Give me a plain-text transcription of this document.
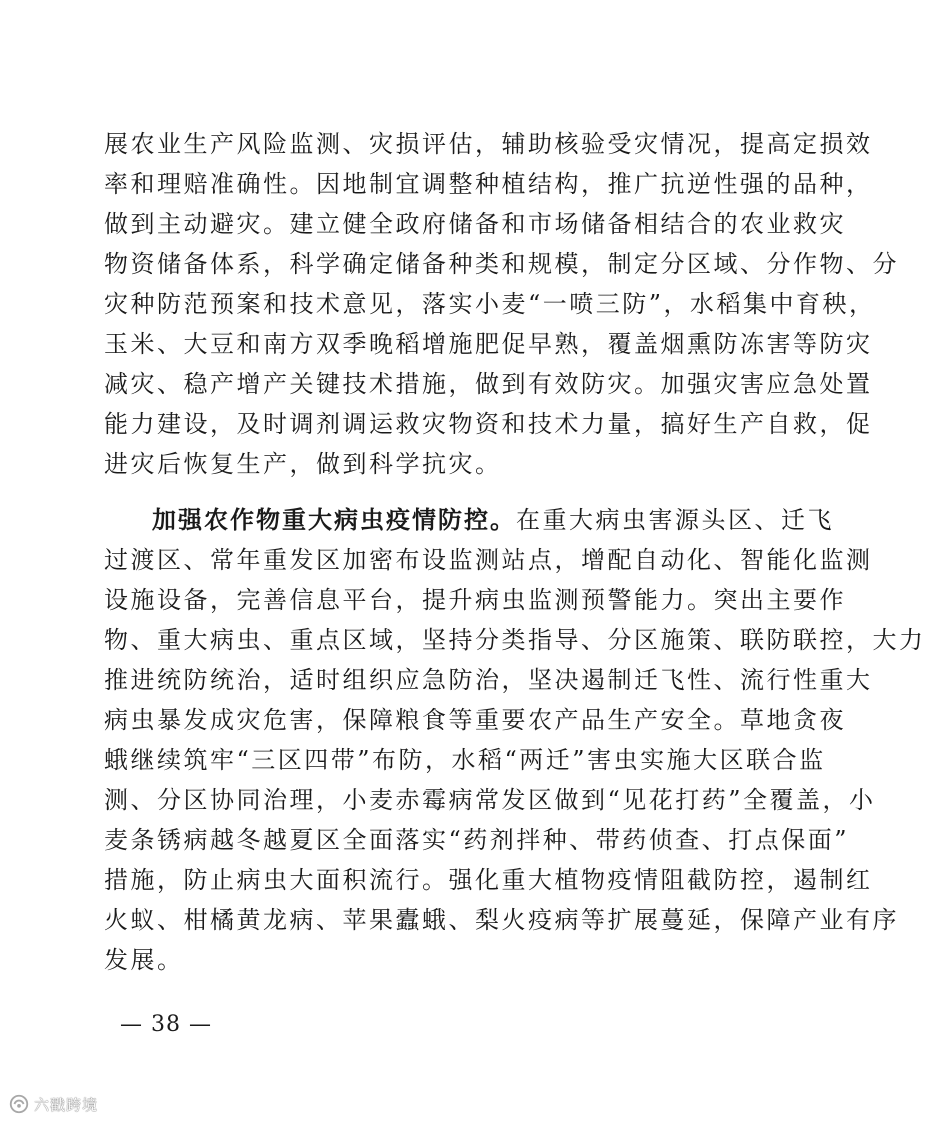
展农业生产风险监测、灾损评估，辅助核验受灾情况，提高定损效
率和理赔准确性。因地制宜调整种植结构，推广抗逆性强的品种，
做到主动避灾。建立健全政府储备和市场储备相结合的农业救灾
物资储备体系，科学确定储备种类和规模，制定分区域、分作物、分
灾种防范预案和技术意见，落实小麦“一喷三防”，水稻集中育秧，
玉米、大豆和南方双季晚稻增施肥促早熟，覆盖烟熏防冻害等防灾
减灾、稳产增产关键技术措施，做到有效防灾。加强灾害应急处置
能力建设，及时调剂调运救灾物资和技术力量，搞好生产自救，促
进灾后恢复生产，做到科学抗灾。
加强农作物重大病虫疫情防控。在重大病虫害源头区、迁飞
过渡区、常年重发区加密布设监测站点，增配自动化、智能化监测
设施设备，完善信息平台，提升病虫监测预警能力。突出主要作
物、重大病虫、重点区域，坚持分类指导、分区施策、联防联控，大力
推进统防统治，适时组织应急防治，坚决遏制迁飞性、流行性重大
病虫暴发成灾危害，保障粮食等重要农产品生产安全。草地贪夜
蛾继续筑牢“三区四带”布防，水稻“两迁”害虫实施大区联合监
测、分区协同治理，小麦赤霉病常发区做到“见花打药”全覆盖，小
麦条锈病越冬越夏区全面落实“药剂拌种、带药侦查、打点保面”
措施，防止病虫大面积流行。强化重大植物疫情阻截防控，遏制红
火蚁、柑橘黄龙病、苹果蠹蛾、梨火疫病等扩展蔓延，保障产业有序
发展。
— 38 —
六戳跨境
